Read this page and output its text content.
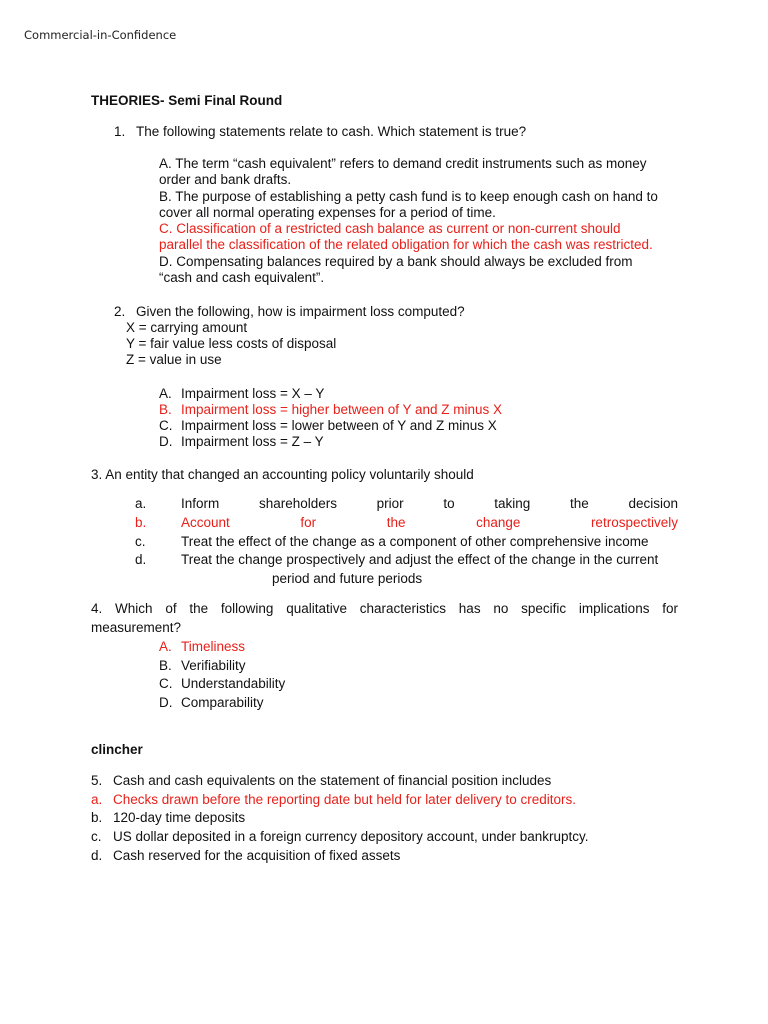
Commercial-in-Confidence
THEORIES- Semi Final Round
1. The following statements relate to cash. Which statement is true?
A. The term “cash equivalent” refers to demand credit instruments such as money
order and bank drafts.
B. The purpose of establishing a petty cash fund is to keep enough cash on hand to
cover all normal operating expenses for a period of time.
C. Classification of a restricted cash balance as current or non-current should
parallel the classification of the related obligation for which the cash was restricted.
D. Compensating balances required by a bank should always be excluded from
“cash and cash equivalent”.
2. Given the following, how is impairment loss computed?
X = carrying amount
Y = fair value less costs of disposal
Z = value in use
A. Impairment loss = X – Y
B. Impairment loss = higher between of Y and Z minus X
C. Impairment loss = lower between of Y and Z minus X
D. Impairment loss = Z – Y
3. An entity that changed an accounting policy voluntarily should
a.	Inform	shareholders	prior	to	taking	the	decision
b.	Account	for	the	change	retrospectively
c.	Treat the effect of the change as a component of other comprehensive income
d.	Treat the change prospectively and adjust the effect of the change in the current
period and future periods
4. Which of the following qualitative characteristics has no specific implications for
measurement?
A. Timeliness
B. Verifiability
C. Understandability
D. Comparability
clincher
5. Cash and cash equivalents on the statement of financial position includes
a. Checks drawn before the reporting date but held for later delivery to creditors.
b. 120-day time deposits
c. US dollar deposited in a foreign currency depository account, under bankruptcy.
d. Cash reserved for the acquisition of fixed assets
